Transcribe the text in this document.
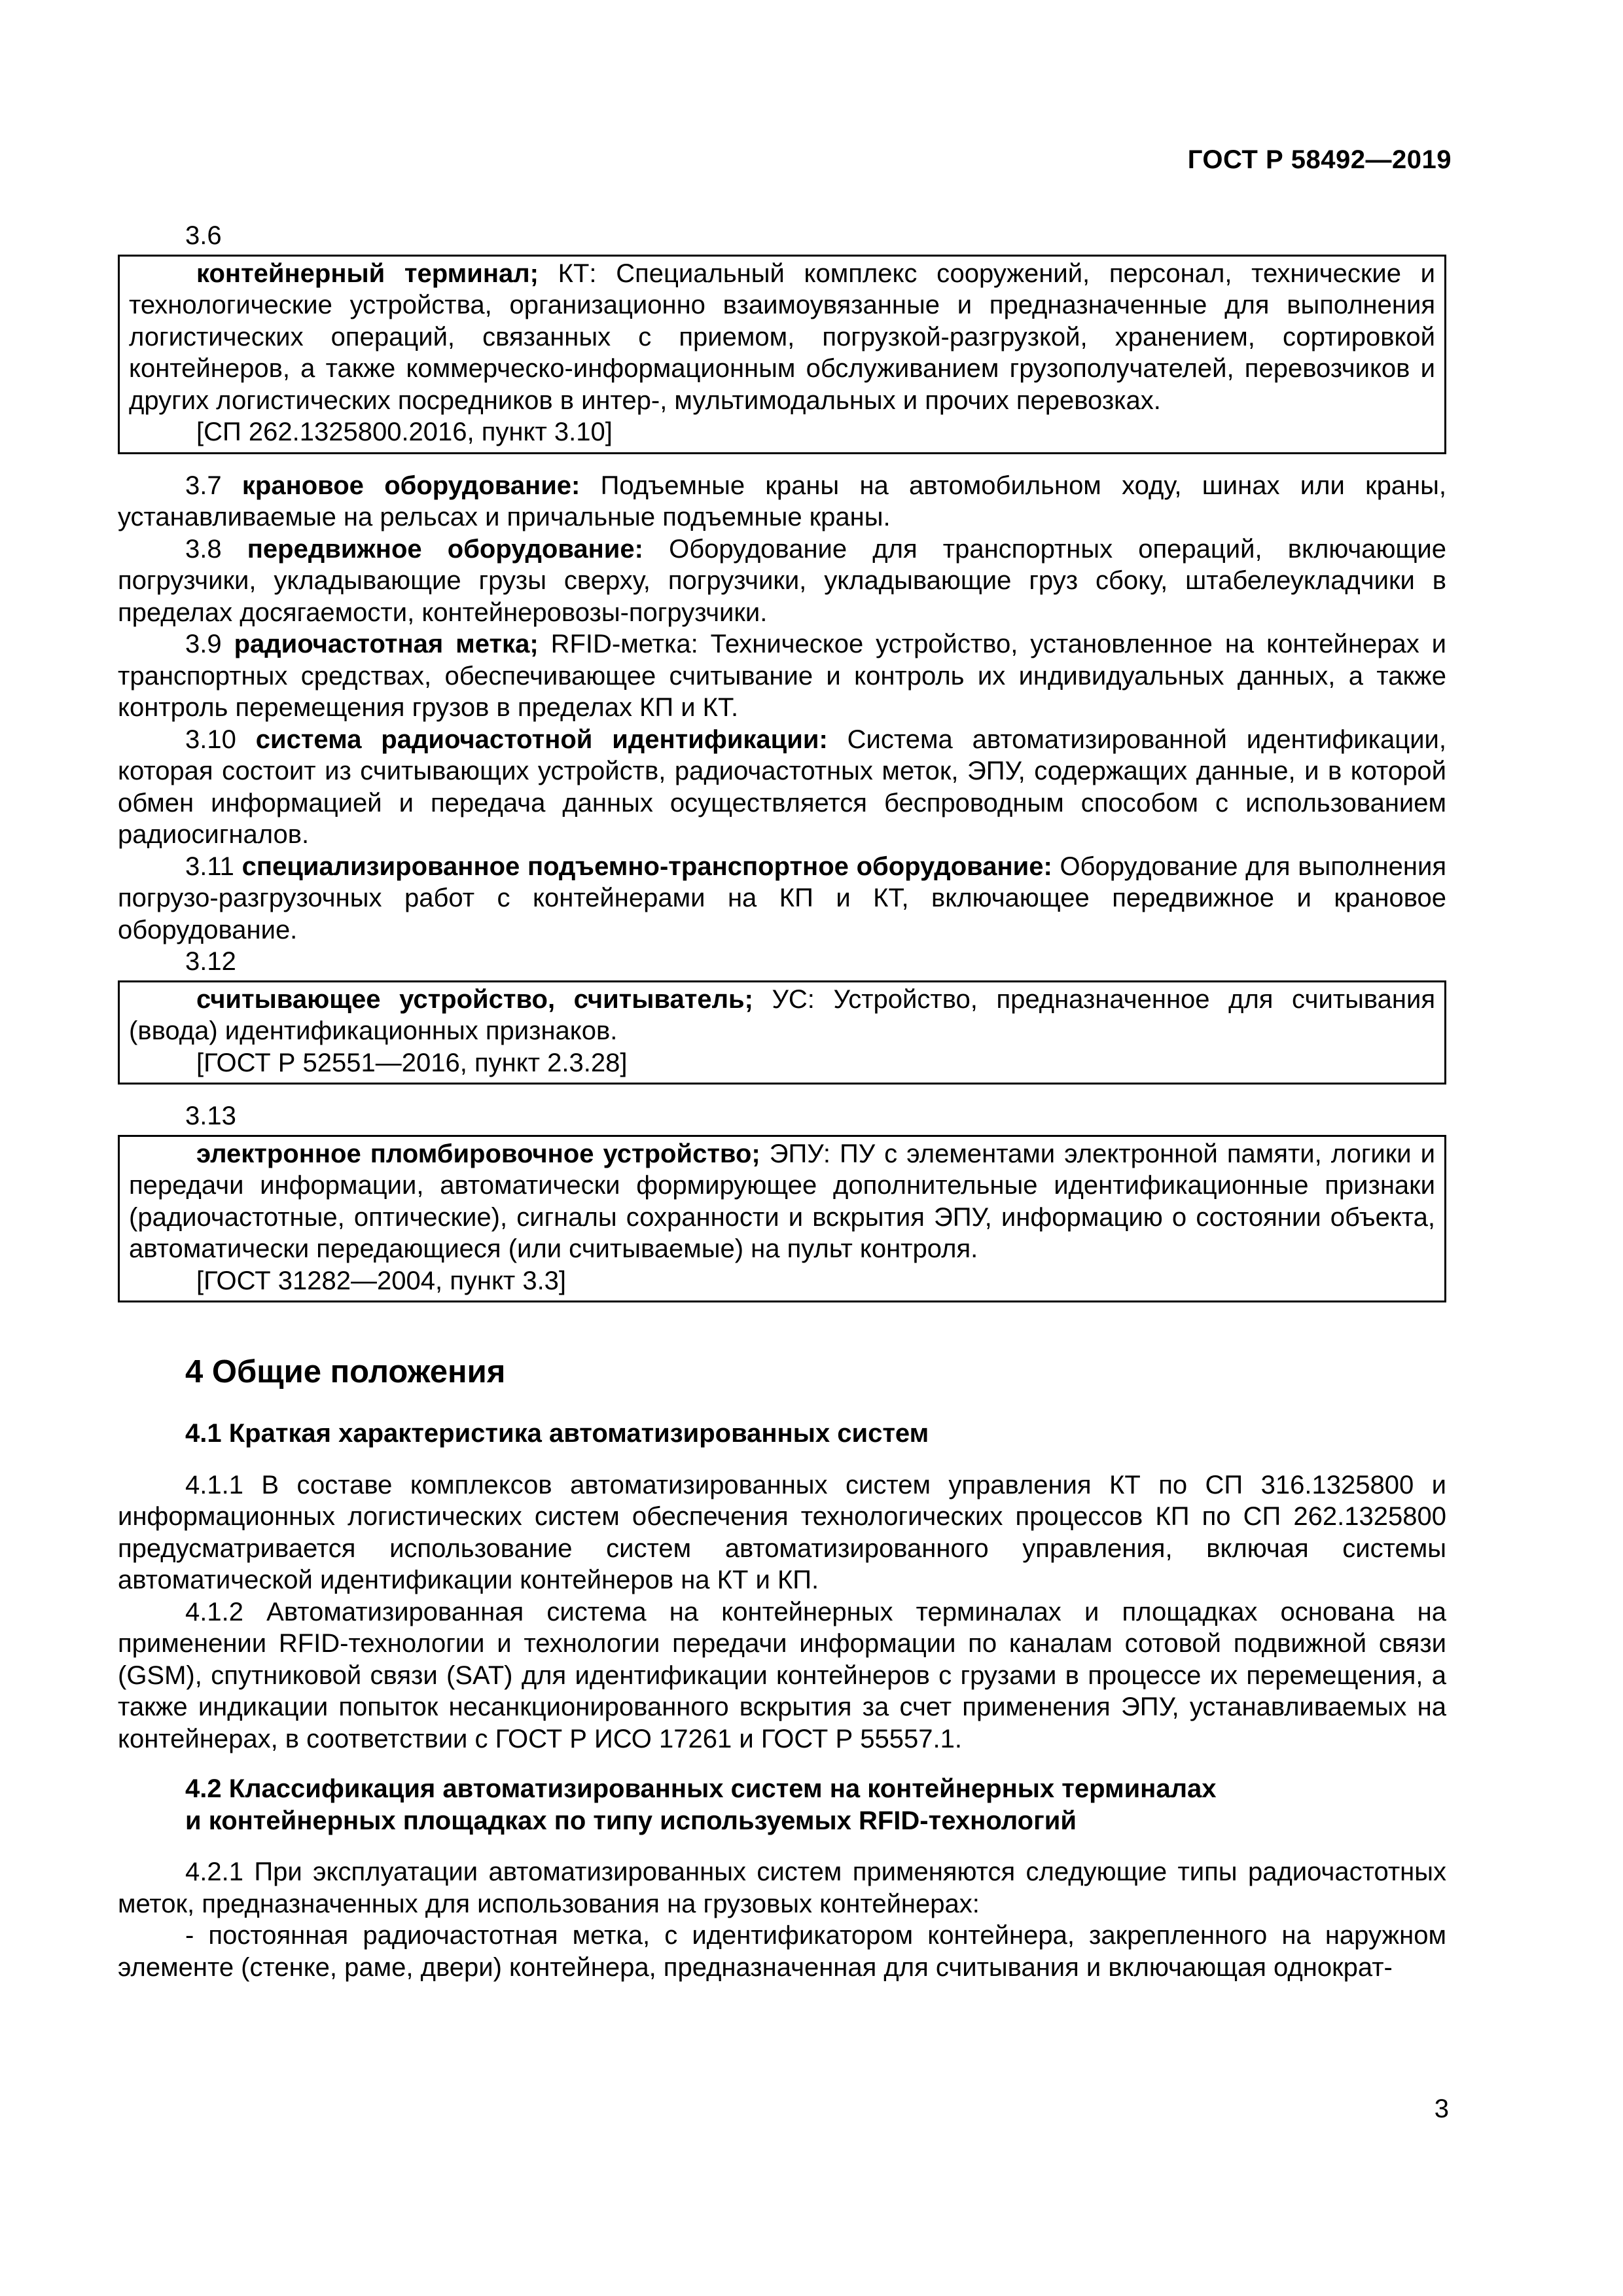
ГОСТ Р 58492—2019

3.6

контейнерный терминал; КТ: Специальный комплекс сооружений, персонал, технические и технологические устройства, организационно взаимоувязанные и предназначенные для выполнения логистических операций, связанных с приемом, погрузкой-разгрузкой, хранением, сортировкой контейнеров, а также коммерческо-информационным обслуживанием грузополучателей, перевозчиков и других логистических посредников в интер-, мультимодальных и прочих перевозках.

[СП 262.1325800.2016, пункт 3.10]

3.7 крановое оборудование: Подъемные краны на автомобильном ходу, шинах или краны, устанавливаемые на рельсах и причальные подъемные краны.

3.8 передвижное оборудование: Оборудование для транспортных операций, включающие погрузчики, укладывающие грузы сверху, погрузчики, укладывающие груз сбоку, штабелеукладчики в пределах досягаемости, контейнеровозы-погрузчики.

3.9 радиочастотная метка; RFID-метка: Техническое устройство, установленное на контейнерах и транспортных средствах, обеспечивающее считывание и контроль их индивидуальных данных, а также контроль перемещения грузов в пределах КП и КТ.

3.10 система радиочастотной идентификации: Система автоматизированной идентификации, которая состоит из считывающих устройств, радиочастотных меток, ЭПУ, содержащих данные, и в которой обмен информацией и передача данных осуществляется беспроводным способом с использованием радиосигналов.

3.11 специализированное подъемно-транспортное оборудование: Оборудование для выполнения погрузо-разгрузочных работ с контейнерами на КП и КТ, включающее передвижное и крановое оборудование.

3.12

считывающее устройство, считыватель; УС: Устройство, предназначенное для считывания (ввода) идентификационных признаков.

[ГОСТ Р 52551—2016, пункт 2.3.28]

3.13

электронное пломбировочное устройство; ЭПУ: ПУ с элементами электронной памяти, логики и передачи информации, автоматически формирующее дополнительные идентификационные признаки (радиочастотные, оптические), сигналы сохранности и вскрытия ЭПУ, информацию о состоянии объекта, автоматически передающиеся (или считываемые) на пульт контроля.

[ГОСТ 31282—2004, пункт 3.3]

4 Общие положения
4.1 Краткая характеристика автоматизированных систем

4.1.1 В составе комплексов автоматизированных систем управления КТ по СП 316.1325800 и информационных логистических систем обеспечения технологических процессов КП по СП 262.1325800 предусматривается использование систем автоматизированного управления, включая системы автоматической идентификации контейнеров на КТ и КП.

4.1.2 Автоматизированная система на контейнерных терминалах и площадках основана на применении RFID-технологии и технологии передачи информации по каналам сотовой подвижной связи (GSM), спутниковой связи (SAT) для идентификации контейнеров с грузами в процессе их перемещения, а также индикации попыток несанкционированного вскрытия за счет применения ЭПУ, устанавливаемых на контейнерах, в соответствии с ГОСТ Р ИСО 17261 и ГОСТ Р 55557.1.

4.2 Классификация автоматизированных систем на контейнерных терминалах
и контейнерных площадках по типу используемых RFID-технологий

4.2.1 При эксплуатации автоматизированных систем применяются следующие типы радиочастотных меток, предназначенных для использования на грузовых контейнерах:

- постоянная радиочастотная метка, с идентификатором контейнера, закрепленного на наружном элементе (стенке, раме, двери) контейнера, предназначенная для считывания и включающая однократ-

3
